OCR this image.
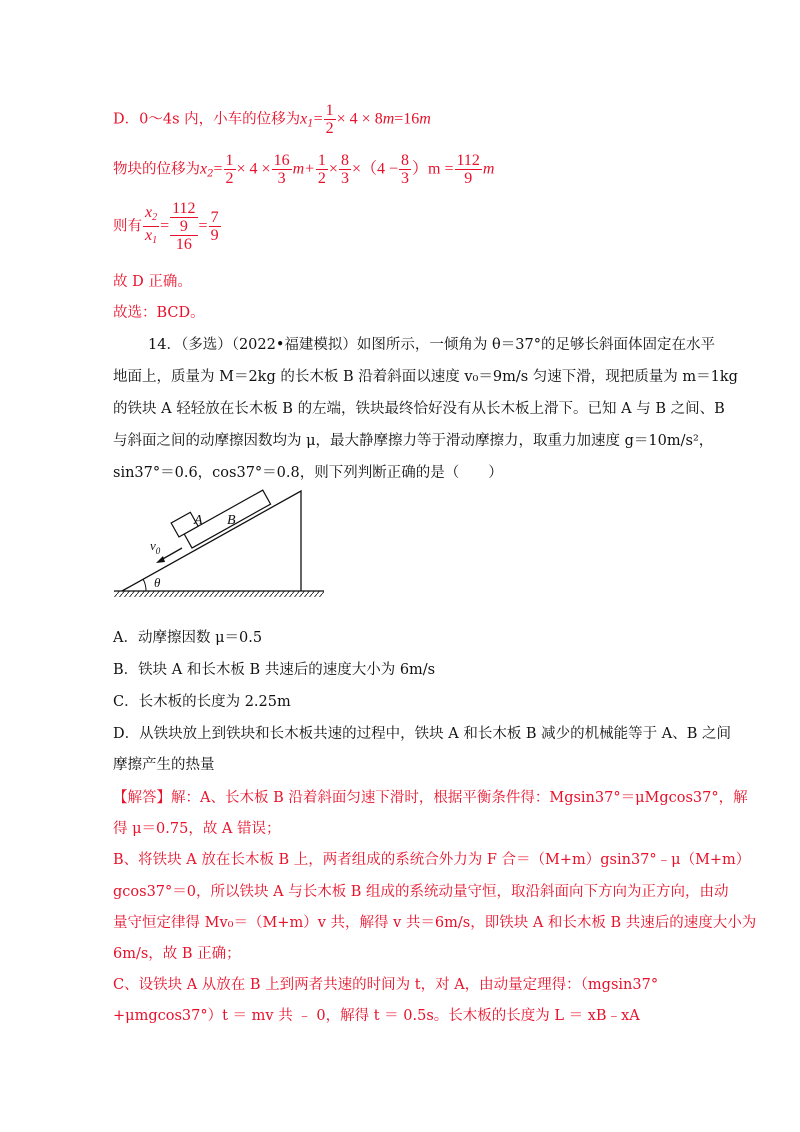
D．0～4s 内，小车的位移为$x_1= \frac{1}{2} \times 4 \times 8m=16m$
物块的位移为$x_2= \frac{1}{2} \times 4 \times \frac{16}{3} m+ \frac{1}{2} \times \frac{8}{3} \times(4 - \frac{8}{3} )m = \frac{112}{9}$ m
则有 $\frac{x_2}{x_1} = \frac{112}{9}$
16
= $\frac{7}{9}$
故 D 正确。
故选：BCD。
14．（多选）（2022•福建模拟）如图所示，一倾角为 θ＝37°的足够长斜面体固定在水平
地面上，质量为 M＝2kg 的长木板 B 沿着斜面以速度 v₀＝9m/s 匀速下滑，现把质量为 m＝1kg
的铁块 A 轻轻放在长木板 B 的左端，铁块最终恰好没有从长木板上滑下。已知 A 与 B 之间、B
与斜面之间的动摩擦因数均为 μ，最大静摩擦力等于滑动摩擦力，取重力加速度 g＝10m/s²，
sin37°＝0.6，cos37°＝0.8，则下列判断正确的是（　　）
A B
$v_0$
θ
A．动摩擦因数 μ＝0.5
B．铁块 A 和长木板 B 共速后的速度大小为 6m/s
C．长木板的长度为 2.25m
D．从铁块放上到铁块和长木板共速的过程中，铁块 A 和长木板 B 减少的机械能等于 A、B 之间
摩擦产生的热量
【解答】解：A、长木板 B 沿着斜面匀速下滑时，根据平衡条件得：Mgsin37°＝μMgcos37°，解
得 μ＝0.75，故 A 错误；
B、将铁块 A 放在长木板 B 上，两者组成的系统合外力为 F 合＝（M+m）gsin37°﹣μ（M+m）
gcos37°＝0，所以铁块 A 与长木板 B 组成的系统动量守恒，取沿斜面向下方向为正方向，由动
量守恒定律得 Mv₀＝（M+m）v 共，解得 v 共＝6m/s，即铁块 A 和长木板 B 共速后的速度大小为
6m/s，故 B 正确；
C、设铁块 A 从放在 B 上到两者共速的时间为 t，对 A，由动量定理得：（mgsin37°
+μmgcos37°）t ＝ mv 共 ﹣ 0，解得 t ＝ 0.5s。长木板的长度为 L ＝ xB﹣xA
